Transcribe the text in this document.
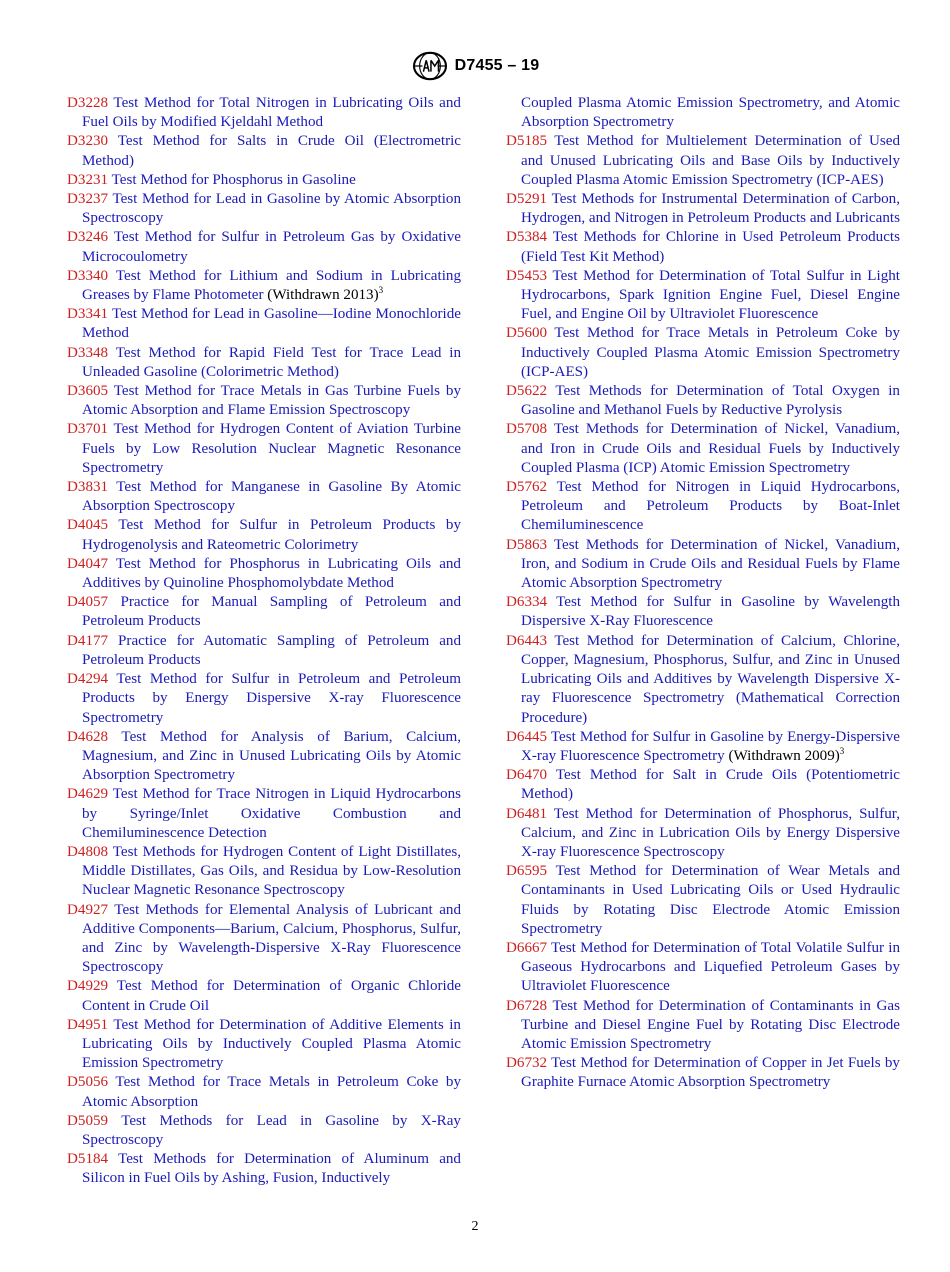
D7455 – 19

D3228 Test Method for Total Nitrogen in Lubricating Oils and Fuel Oils by Modified Kjeldahl Method

D3230 Test Method for Salts in Crude Oil (Electrometric Method)

D3231 Test Method for Phosphorus in Gasoline

D3237 Test Method for Lead in Gasoline by Atomic Absorption Spectroscopy

D3246 Test Method for Sulfur in Petroleum Gas by Oxidative Microcoulometry

D3340 Test Method for Lithium and Sodium in Lubricating Greases by Flame Photometer (Withdrawn 2013)$^3$

D3341 Test Method for Lead in Gasoline—Iodine Monochloride Method

D3348 Test Method for Rapid Field Test for Trace Lead in Unleaded Gasoline (Colorimetric Method)

D3605 Test Method for Trace Metals in Gas Turbine Fuels by Atomic Absorption and Flame Emission Spectroscopy

D3701 Test Method for Hydrogen Content of Aviation Turbine Fuels by Low Resolution Nuclear Magnetic Resonance Spectrometry

D3831 Test Method for Manganese in Gasoline By Atomic Absorption Spectroscopy

D4045 Test Method for Sulfur in Petroleum Products by Hydrogenolysis and Rateometric Colorimetry

D4047 Test Method for Phosphorus in Lubricating Oils and Additives by Quinoline Phosphomolybdate Method

D4057 Practice for Manual Sampling of Petroleum and Petroleum Products

D4177 Practice for Automatic Sampling of Petroleum and Petroleum Products

D4294 Test Method for Sulfur in Petroleum and Petroleum Products by Energy Dispersive X-ray Fluorescence Spectrometry

D4628 Test Method for Analysis of Barium, Calcium, Magnesium, and Zinc in Unused Lubricating Oils by Atomic Absorption Spectrometry

D4629 Test Method for Trace Nitrogen in Liquid Hydrocarbons by Syringe/Inlet Oxidative Combustion and Chemiluminescence Detection

D4808 Test Methods for Hydrogen Content of Light Distillates, Middle Distillates, Gas Oils, and Residua by Low-Resolution Nuclear Magnetic Resonance Spectroscopy

D4927 Test Methods for Elemental Analysis of Lubricant and Additive Components—Barium, Calcium, Phosphorus, Sulfur, and Zinc by Wavelength-Dispersive X-Ray Fluorescence Spectroscopy

D4929 Test Method for Determination of Organic Chloride Content in Crude Oil

D4951 Test Method for Determination of Additive Elements in Lubricating Oils by Inductively Coupled Plasma Atomic Emission Spectrometry

D5056 Test Method for Trace Metals in Petroleum Coke by Atomic Absorption

D5059 Test Methods for Lead in Gasoline by X-Ray Spectroscopy

D5184 Test Methods for Determination of Aluminum and Silicon in Fuel Oils by Ashing, Fusion, Inductively

Coupled Plasma Atomic Emission Spectrometry, and Atomic Absorption Spectrometry

D5185 Test Method for Multielement Determination of Used and Unused Lubricating Oils and Base Oils by Inductively Coupled Plasma Atomic Emission Spectrometry (ICP-AES)

D5291 Test Methods for Instrumental Determination of Carbon, Hydrogen, and Nitrogen in Petroleum Products and Lubricants

D5384 Test Methods for Chlorine in Used Petroleum Products (Field Test Kit Method)

D5453 Test Method for Determination of Total Sulfur in Light Hydrocarbons, Spark Ignition Engine Fuel, Diesel Engine Fuel, and Engine Oil by Ultraviolet Fluorescence

D5600 Test Method for Trace Metals in Petroleum Coke by Inductively Coupled Plasma Atomic Emission Spectrometry (ICP-AES)

D5622 Test Methods for Determination of Total Oxygen in Gasoline and Methanol Fuels by Reductive Pyrolysis

D5708 Test Methods for Determination of Nickel, Vanadium, and Iron in Crude Oils and Residual Fuels by Inductively Coupled Plasma (ICP) Atomic Emission Spectrometry

D5762 Test Method for Nitrogen in Liquid Hydrocarbons, Petroleum and Petroleum Products by Boat-Inlet Chemiluminescence

D5863 Test Methods for Determination of Nickel, Vanadium, Iron, and Sodium in Crude Oils and Residual Fuels by Flame Atomic Absorption Spectrometry

D6334 Test Method for Sulfur in Gasoline by Wavelength Dispersive X-Ray Fluorescence

D6443 Test Method for Determination of Calcium, Chlorine, Copper, Magnesium, Phosphorus, Sulfur, and Zinc in Unused Lubricating Oils and Additives by Wavelength Dispersive X-ray Fluorescence Spectrometry (Mathematical Correction Procedure)

D6445 Test Method for Sulfur in Gasoline by Energy-Dispersive X-ray Fluorescence Spectrometry (Withdrawn 2009)$^3$

D6470 Test Method for Salt in Crude Oils (Potentiometric Method)

D6481 Test Method for Determination of Phosphorus, Sulfur, Calcium, and Zinc in Lubrication Oils by Energy Dispersive X-ray Fluorescence Spectroscopy

D6595 Test Method for Determination of Wear Metals and Contaminants in Used Lubricating Oils or Used Hydraulic Fluids by Rotating Disc Electrode Atomic Emission Spectrometry

D6667 Test Method for Determination of Total Volatile Sulfur in Gaseous Hydrocarbons and Liquefied Petroleum Gases by Ultraviolet Fluorescence

D6728 Test Method for Determination of Contaminants in Gas Turbine and Diesel Engine Fuel by Rotating Disc Electrode Atomic Emission Spectrometry

D6732 Test Method for Determination of Copper in Jet Fuels by Graphite Furnace Atomic Absorption Spectrometry

2
